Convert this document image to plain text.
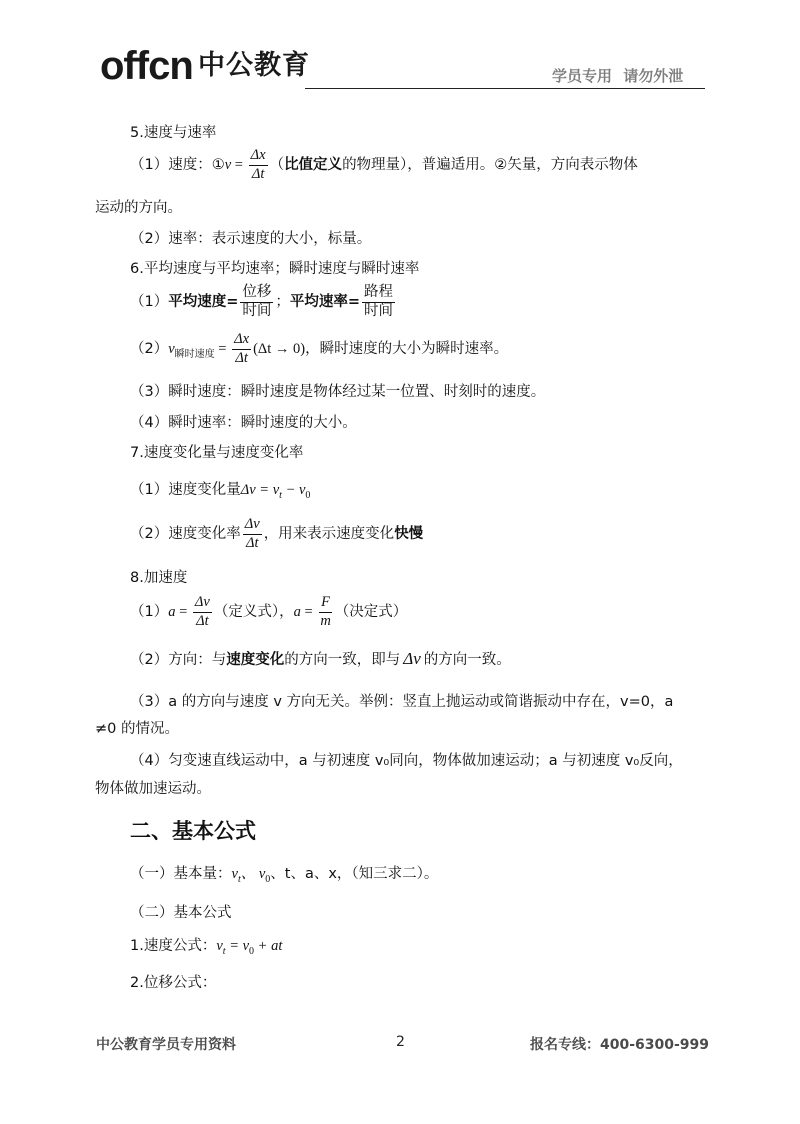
offcn 中公教育	学员专用 请勿外泄
5.速度与速率
（1）速度：①v = $\frac{\Delta x}{\Delta t}$ （比值定义的物理量），普遍适用。②矢量，方向表示物体
运动的方向。
（2）速率：表示速度的大小，标量。
6.平均速度与平均速率；瞬时速度与瞬时速率
（1）平均速度= $\frac{\text{位移}}{\text{时间}}$ ；平均速率= $\frac{\text{路程}}{\text{时间}}$
$(2)v_{瞬时速度} = \frac{\Delta x}{\Delta t} (\Delta t \to 0)$，瞬时速度的大小为瞬时速率。
（3）瞬时速度：瞬时速度是物体经过某一位置、时刻时的速度。
（4）瞬时速率：瞬时速度的大小。
7.速度变化量与速度变化率
（1）速度变化量$\Delta v = v_t - v_0$
（2）速度变化率 $\frac{\Delta v}{\Delta t}$ ，用来表示速度变化快慢
8.加速度
$(1)a = \frac{\Delta v}{\Delta t}$ （定义式），$a = \frac{F}{m}$ （决定式）
（2）方向：与速度变化的方向一致，即与 Δv 的方向一致。
（3）a 的方向与速度 v 方向无关。举例：竖直上抛运动或简谐振动中存在，v=0，a
≠0 的情况。
（4）匀变速直线运动中，a 与初速度 v₀同向，物体做加速运动；a 与初速度 v₀反向，
物体做加速运动。
二、基本公式
（一）基本量：$v_t$、 $v_0$、t、a、x，（知三求二）。
（二）基本公式
1.速度公式：$v_t = v_0$ + at
2.位移公式：
中公教育学员专用资料	2	报名专线：400-6300-999
